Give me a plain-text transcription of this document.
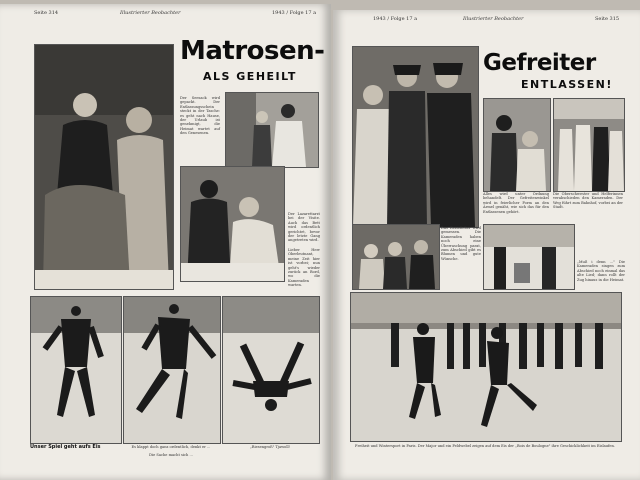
Seite 314	Illustrierter Beobachter	1943 / Folge 17 a
Matrosen-
ALS GEHEILT
Der Seesack wird gepackt. Der Entlassungsschein steckt in der Tasche: es geht nach Hause, der Urlaub ist genehmigt, die Heimat wartet auf den Genesenen.
Der Lazarettarzt bei der Visite. Auch das Bett wird ordentlich gerichtet, bevor der letzte Gang angetreten wird.
Lieber Herr Oberleutnant, meine Zeit hier ist vorbei; nun geht's wieder zurück an Bord, wo die Kameraden warten.
Unser Spiel geht aufs Eis	Es klappt doch ganz ordentlich, denkt er ...
Die Sache macht sich ...
„Riesengroß" Tjawoll!
1943 / Folge 17 a	Illustrierter Beobachter	Seite 315
Gefreiter
ENTLASSEN!
Alles wird unter Ordnung behandelt. Der Gefreitenwinkel wird in feierlicher Form an den Ärmel genäht, wie sich das für den Entlassenen gehört.
Die Oberschwester und Helferinnen verabschieden den Kameraden. Der Weg führt zum Bahnhof, vorbei an der Stadt.
Das Reisefieber wird gemessen. Die Kameraden haben noch eine Überraschung parat, zum Abschied gibt es Blumen und gute Wünsche.
„Muß i denn ..." Die Kameraden singen zum Abschied noch einmal das alte Lied; dann rollt der Zug hinaus in die Heimat.
Freiheit und Wintersport in Paris. Der Major und ein Feldwebel zeigen auf dem Eis der „Bois de Boulogne" ihre Geschicklichkeit im Eislaufen.
